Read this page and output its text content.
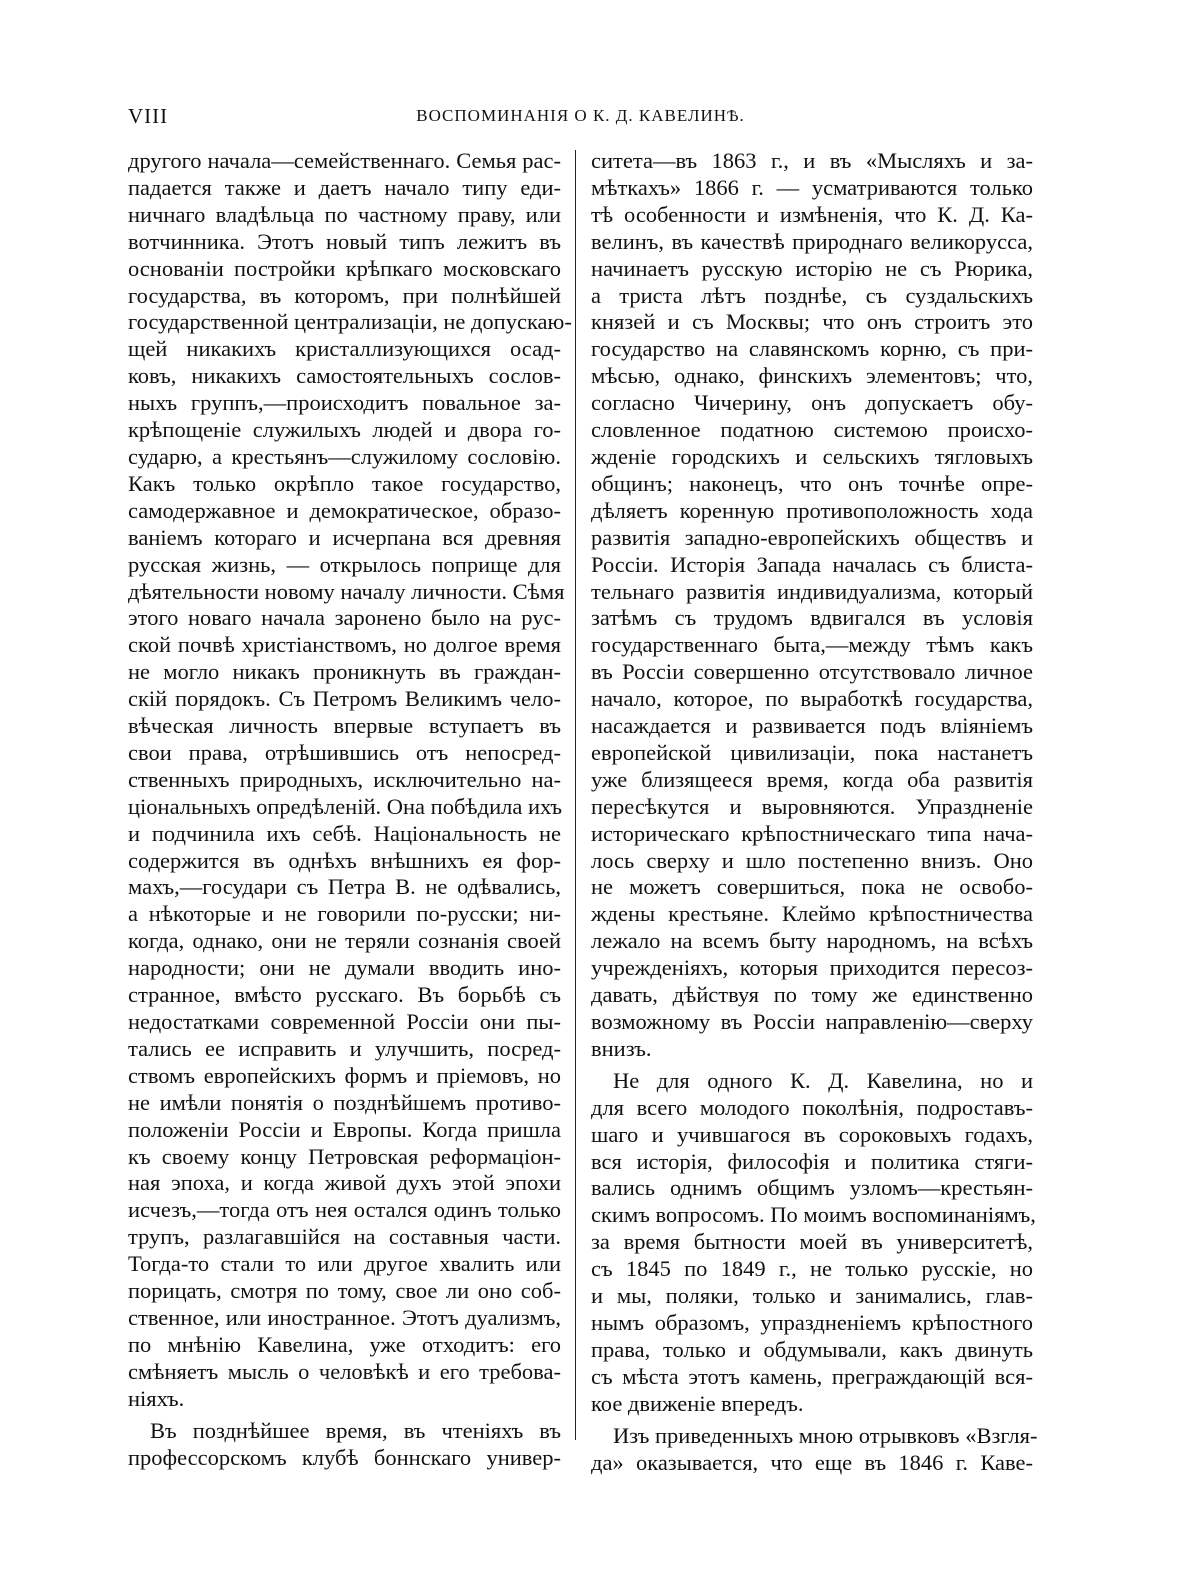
VIII	ВОСПОМИНАНІЯ О К. Д. КАВЕЛИНѢ.
другого начала—семейственнаго. Семья рас-
падается также и даетъ начало типу еди-
ничнаго владѣльца по частному праву, или
вотчинника. Этотъ новый типъ лежитъ въ
основаніи постройки крѣпкаго московскаго
государства, въ которомъ, при полнѣйшей
государственной централизаціи, не допускаю-
щей никакихъ кристаллизующихся осад-
ковъ, никакихъ самостоятельныхъ сослов-
ныхъ группъ,—происходитъ повальное за-
крѣпощеніе служилыхъ людей и двора го-
сударю, а крестьянъ—служилому сословію.
Какъ только окрѣпло такое государство,
самодержавное и демократическое, образо-
ваніемъ котораго и исчерпана вся древняя
русская жизнь, — открылось поприще для
дѣятельности новому началу личности. Сѣмя
этого новаго начала заронено было на рус-
ской почвѣ христіанствомъ, но долгое время
не могло никакъ проникнуть въ граждан-
скій порядокъ. Съ Петромъ Великимъ чело-
вѣческая личность впервые вступаетъ въ
свои права, отрѣшившись отъ непосред-
ственныхъ природныхъ, исключительно на-
ціональныхъ опредѣленій. Она побѣдила ихъ
и подчинила ихъ себѣ. Національность не
содержится въ однѣхъ внѣшнихъ ея фор-
махъ,—государи съ Петра В. не одѣвались,
а нѣкоторые и не говорили по-русски; ни-
когда, однако, они не теряли сознанія своей
народности; они не думали вводить ино-
странное, вмѣсто русскаго. Въ борьбѣ съ
недостатками современной Россіи они пы-
тались ее исправить и улучшить, посред-
ствомъ европейскихъ формъ и пріемовъ, но
не имѣли понятія о позднѣйшемъ противо-
положеніи Россіи и Европы. Когда пришла
къ своему концу Петровская реформаціон-
ная эпоха, и когда живой духъ этой эпохи
исчезъ,—тогда отъ нея остался одинъ только
трупъ, разлагавшійся на составныя части.
Тогда-то стали то или другое хвалить или
порицать, смотря по тому, свое ли оно соб-
ственное, или иностранное. Этотъ дуализмъ,
по мнѣнію Кавелина, уже отходитъ: его
смѣняетъ мысль о человѣкѣ и его требова-
ніяхъ.
Въ позднѣйшее время, въ чтеніяхъ въ
профессорскомъ клубѣ боннскаго универ-
ситета—въ 1863 г., и въ «Мысляхъ и за-
мѣткахъ» 1866 г. — усматриваются только
тѣ особенности и измѣненія, что К. Д. Ка-
велинъ, въ качествѣ природнаго великорусса,
начинаетъ русскую исторію не съ Рюрика,
а триста лѣтъ позднѣе, съ суздальскихъ
князей и съ Москвы; что онъ строитъ это
государство на славянскомъ корню, съ при-
мѣсью, однако, финскихъ элементовъ; что,
согласно Чичерину, онъ допускаетъ обу-
словленное податною системою происхо-
жденіе городскихъ и сельскихъ тягловыхъ
общинъ; наконецъ, что онъ точнѣе опре-
дѣляетъ коренную противоположность хода
развитія западно-европейскихъ обществъ и
Россіи. Исторія Запада началась съ блиста-
тельнаго развитія индивидуализма, который
затѣмъ съ трудомъ вдвигался въ условія
государственнаго быта,—между тѣмъ какъ
въ Россіи совершенно отсутствовало личное
начало, которое, по выработкѣ государства,
насаждается и развивается подъ вліяніемъ
европейской цивилизаціи, пока настанетъ
уже близящееся время, когда оба развитія
пересѣкутся и выровняются. Упраздненіе
историческаго крѣпостническаго типа нача-
лось сверху и шло постепенно внизъ. Оно
не можетъ совершиться, пока не освобо-
ждены крестьяне. Клеймо крѣпостничества
лежало на всемъ быту народномъ, на всѣхъ
учрежденіяхъ, которыя приходится пересоз-
давать, дѣйствуя по тому же единственно
возможному въ Россіи направленію—сверху
внизъ.
Не для одного К. Д. Кавелина, но и
для всего молодого поколѣнія, подроставъ-
шаго и учившагося въ сороковыхъ годахъ,
вся исторія, философія и политика стяги-
вались однимъ общимъ узломъ—крестьян-
скимъ вопросомъ. По моимъ воспоминаніямъ,
за время бытности моей въ университетѣ,
съ 1845 по 1849 г., не только русскіе, но
и мы, поляки, только и занимались, глав-
нымъ образомъ, упраздненіемъ крѣпостного
права, только и обдумывали, какъ двинуть
съ мѣста этотъ камень, преграждающій вся-
кое движеніе впередъ.
Изъ приведенныхъ мною отрывковъ «Взгля-
да» оказывается, что еще въ 1846 г. Каве-
